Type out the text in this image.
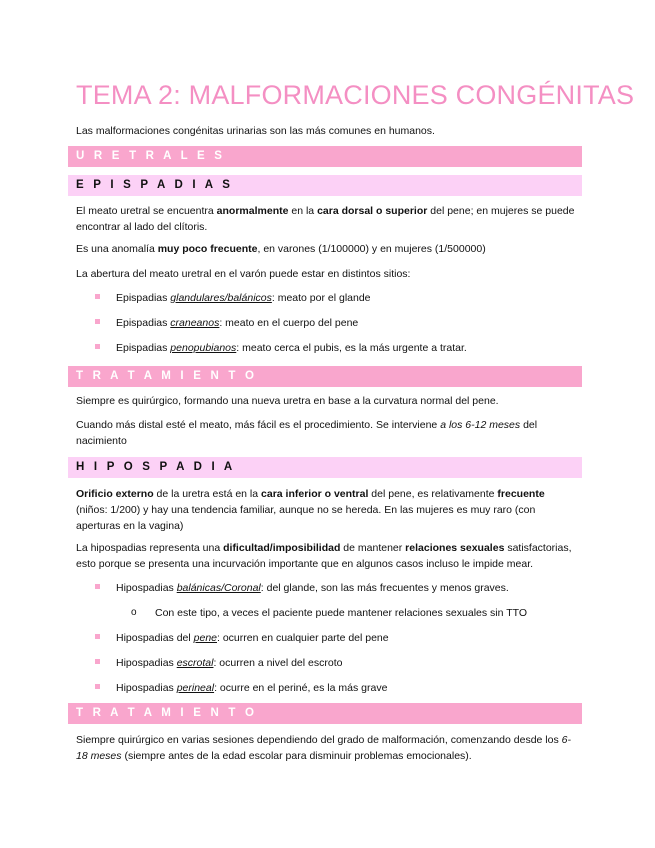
TEMA 2: MALFORMACIONES CONGÉNITAS

Las malformaciones congénitas urinarias son las más comunes en humanos.

U R E T R A L E S
E P I S P A D I A S

El meato uretral se encuentra anormalmente en la cara dorsal o superior del pene; en mujeres se puede encontrar al lado del clítoris.

Es una anomalía muy poco frecuente, en varones (1/100000) y en mujeres (1/500000)

La abertura del meato uretral en el varón puede estar en distintos sitios:

Epispadias glandulares/balánicos: meato por el glande

Epispadias craneanos: meato en el cuerpo del pene

Epispadias penopubianos: meato cerca el pubis, es la más urgente a tratar.

T R A T A M I E N T O

Siempre es quirúrgico, formando una nueva uretra en base a la curvatura normal del pene.

Cuando más distal esté el meato, más fácil es el procedimiento. Se interviene a los 6-12 meses del nacimiento

H I P O S P A D I A

Orificio externo de la uretra está en la cara inferior o ventral del pene, es relativamente frecuente (niños: 1/200) y hay una tendencia familiar, aunque no se hereda. En las mujeres es muy raro (con aperturas en la vagina)

La hipospadias representa una dificultad/imposibilidad de mantener relaciones sexuales satisfactorias, esto porque se presenta una incurvación importante que en algunos casos incluso le impide mear.

Hipospadias balánicas/Coronal: del glande, son las más frecuentes y menos graves.

o Con este tipo, a veces el paciente puede mantener relaciones sexuales sin TTO

Hipospadias del pene: ocurren en cualquier parte del pene

Hipospadias escrotal: ocurren a nivel del escroto

Hipospadias perineal: ocurre en el periné, es la más grave

T R A T A M I E N T O

Siempre quirúrgico en varias sesiones dependiendo del grado de malformación, comenzando desde los 6-18 meses (siempre antes de la edad escolar para disminuir problemas emocionales).
